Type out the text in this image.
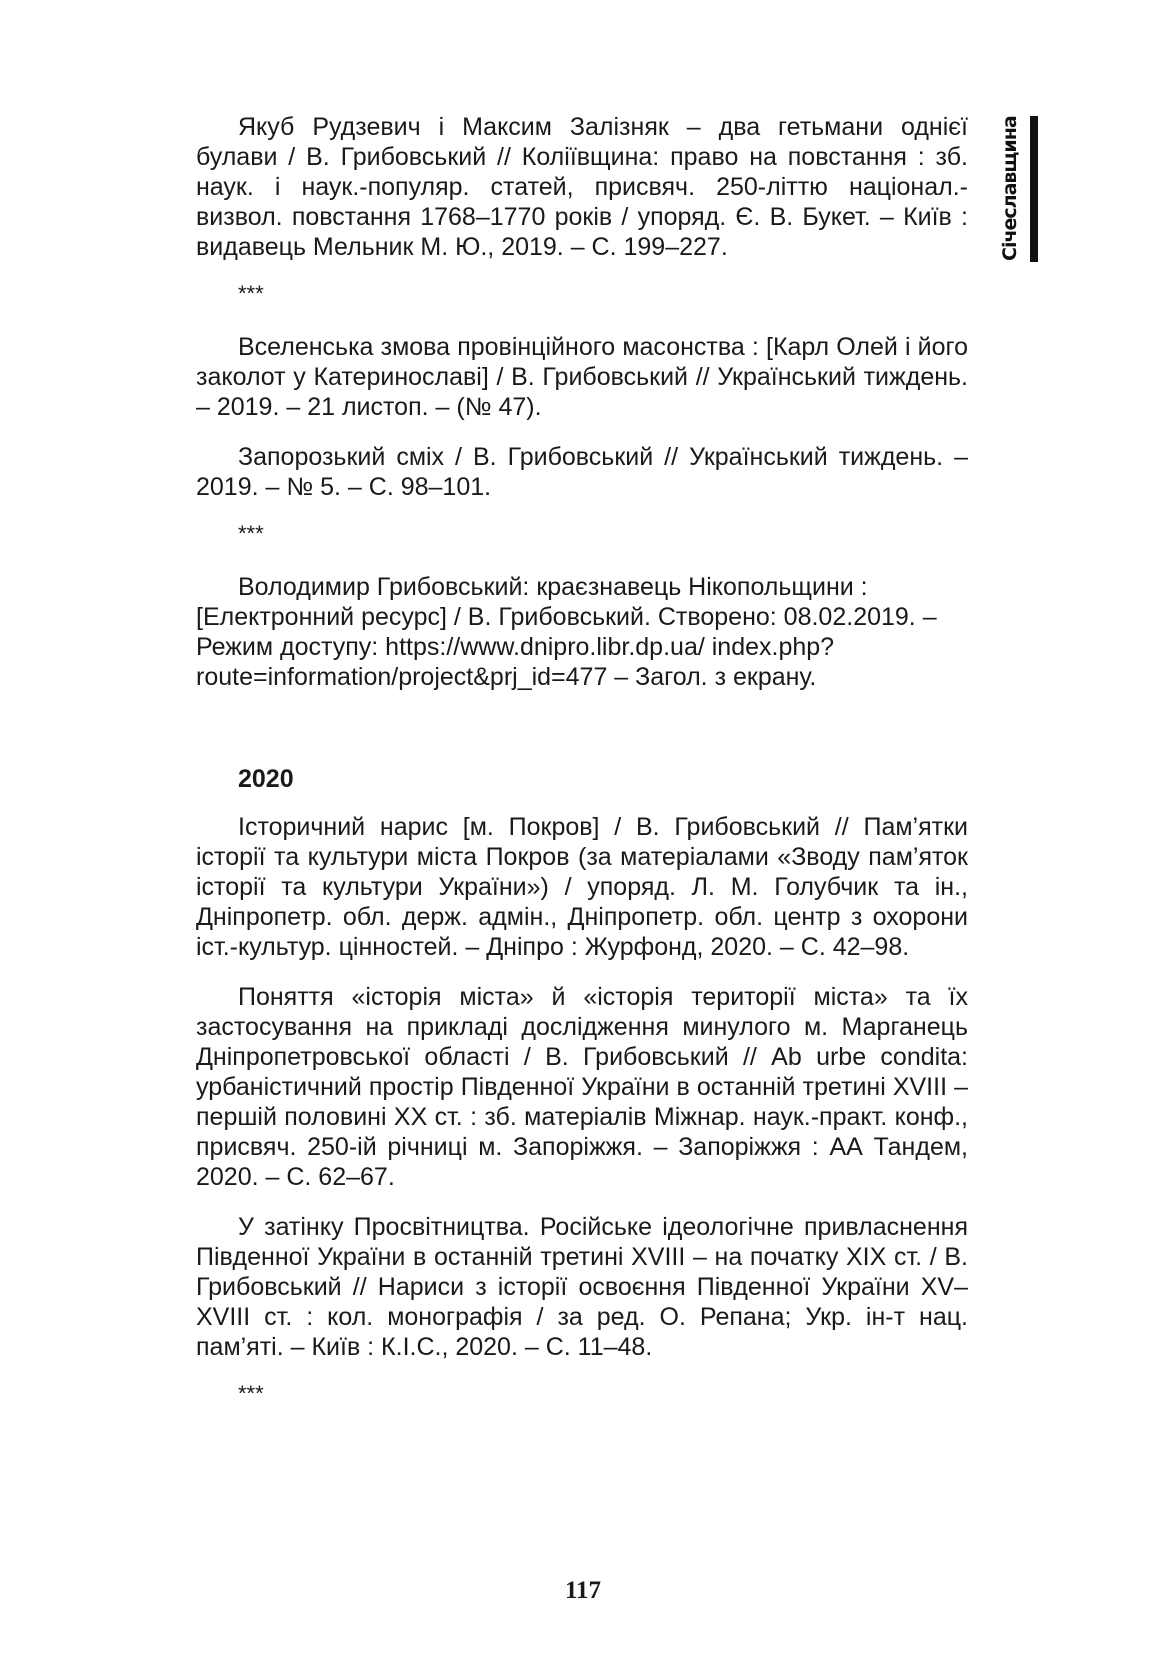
Січеславщина

Якуб Рудзевич і Максим Залізняк – два гетьмани однієї булави / В. Грибовський // Коліївщина: право на повстання : зб. наук. і наук.-популяр. статей, присвяч. 250-літтю націонал.-визвол. повстання 1768–1770 років / упоряд. Є. В. Букет. – Київ : видавець Мельник М. Ю., 2019. – С. 199–227.

***

Вселенська змова провінційного масонства : [Карл Олей і його заколот у Катеринославі] / В. Грибовський // Український тиждень. – 2019. – 21 листоп. – (№ 47).

Запорозький сміх / В. Грибовський // Український тиждень. – 2019. – № 5. – С. 98–101.

***

Володимир Грибовський: краєзнавець Нікопольщини : [Електронний ресурс] / В. Грибовський. Створено: 08.02.2019. – Режим доступу: https://www.dnipro.libr.dp.ua/ index.php?route=information/project&prj_id=477 – Загол. з екрану.

2020

Історичний нарис [м. Покров] / В. Грибовський // Пам’ятки історії та культури міста Покров (за матеріалами «Зводу пам’яток історії та культури України») / упоряд. Л. М. Голубчик та ін., Дніпропетр. обл. держ. адмін., Дніпропетр. обл. центр з охорони іст.-культур. цінностей. – Дніпро : Журфонд, 2020. – С. 42–98.

Поняття «історія міста» й «історія території міста» та їх застосування на прикладі дослідження минулого м. Марганець Дніпропетровської області / В. Грибовський // Ab urbe condita: урбаністичний простір Південної України в останній третині XVIII – першій половині XX ст. : зб. матеріалів Міжнар. наук.-практ. конф., присвяч. 250-ій річниці м. Запоріжжя. – Запоріжжя : АА Тандем, 2020. – С. 62–67.

У затінку Просвітництва. Російське ідеологічне привласнення Південної України в останній третині XVIII – на початку XIX ст. / В. Грибовський // Нариси з історії освоєння Південної України XV–XVIII ст. : кол. монографія / за ред. О. Репана; Укр. ін-т нац. пам’яті. – Київ : К.І.С., 2020. – С. 11–48.

***
117
